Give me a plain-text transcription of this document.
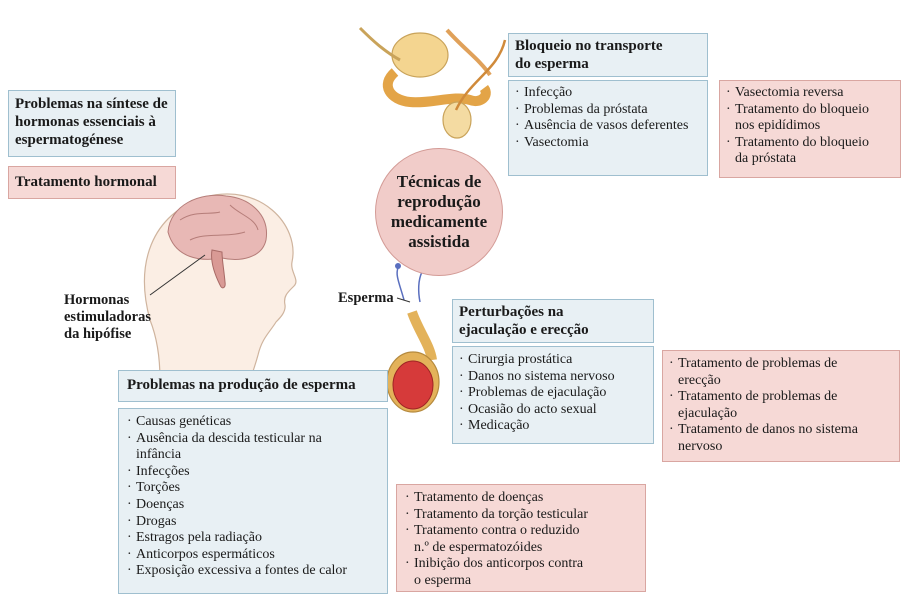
Técnicas de
reprodução
medicamente
assistida
Hormonas
estimuladoras
da hipófise
Esperma
Problemas na síntese de
hormonas essenciais à
espermatogénese
Tratamento hormonal
Bloqueio no transporte
do esperma
· Infecção
· Problemas da próstata
· Ausência de vasos deferentes
· Vasectomia
· Vasectomia reversa
· Tratamento do bloqueio
nos epidídimos
· Tratamento do bloqueio
da próstata
Perturbações na
ejaculação e erecção
· Cirurgia prostática
· Danos no sistema nervoso
· Problemas de ejaculação
· Ocasião do acto sexual
· Medicação
· Tratamento de problemas de
erecção
· Tratamento de problemas de
ejaculação
· Tratamento de danos no sistema
nervoso
Problemas na produção de esperma
· Causas genéticas
· Ausência da descida testicular na
infância
· Infecções
· Torções
· Doenças
· Drogas
· Estragos pela radiação
· Anticorpos espermáticos
· Exposição excessiva a fontes de calor
· Tratamento de doenças
· Tratamento da torção testicular
· Tratamento contra o reduzido
n.º de espermatozóides
· Inibição dos anticorpos contra
o esperma
